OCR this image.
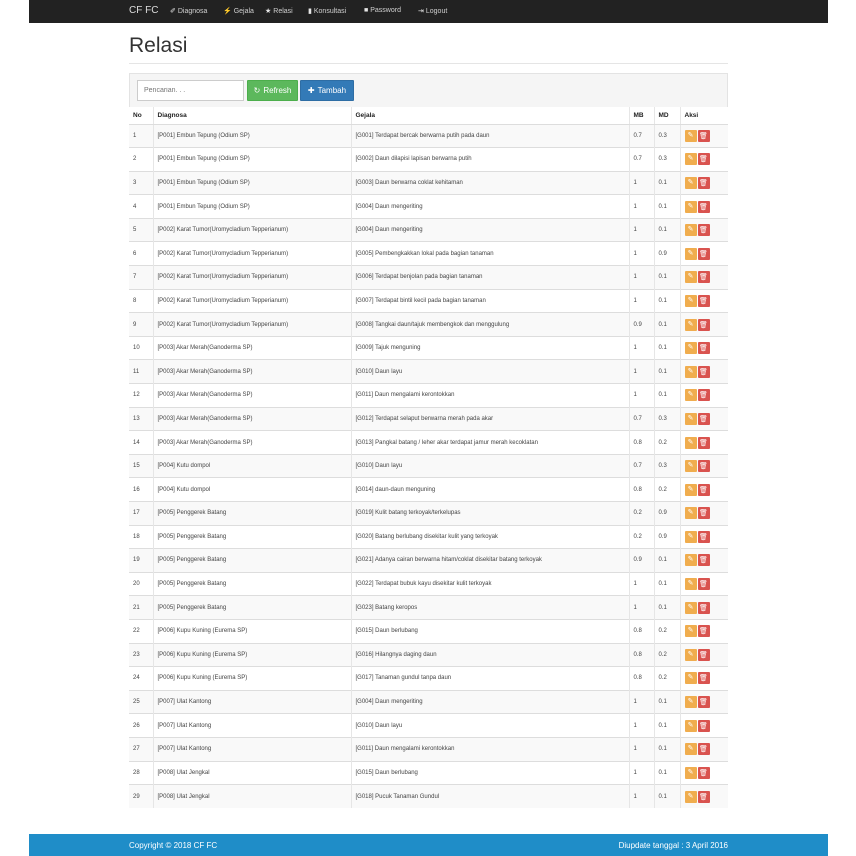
CF FC ✐ Diagnosa ⚡ Gejala ★ Relasi ▮ Konsultasi	■ Password ⇥ Logout
Relasi
Pencarian. . .
↻ Refresh ✚ Tambah
No	Diagnosa	Gejala	MB	MD	Aksi
1	[P001] Embun Tepung (Odium SP)	[G001] Terdapat bercak berwarna putih pada daun	0.7	0.3	✎ 🗑
2	[P001] Embun Tepung (Odium SP)	[G002] Daun dilapisi lapisan berwarna putih	0.7	0.3	✎ 🗑
3	[P001] Embun Tepung (Odium SP)	[G003] Daun berwarna coklat kehitaman	1	0.1	✎ 🗑
4	[P001] Embun Tepung (Odium SP)	[G004] Daun mengeriting	1	0.1	✎ 🗑
5	[P002] Karat Tumor(Uromycladium Tepperianum)	[G004] Daun mengeriting	1	0.1	✎ 🗑
6	[P002] Karat Tumor(Uromycladium Tepperianum)	[G005] Pembengkakkan lokal pada bagian tanaman	1	0.9	✎ 🗑
7	[P002] Karat Tumor(Uromycladium Tepperianum)	[G006] Terdapat benjolan pada bagian tanaman	1	0.1	✎ 🗑
8	[P002] Karat Tumor(Uromycladium Tepperianum)	[G007] Terdapat bintil kecil pada bagian tanaman	1	0.1	✎ 🗑
9	[P002] Karat Tumor(Uromycladium Tepperianum)	[G008] Tangkai daun/tajuk membengkok dan menggulung	0.9	0.1	✎ 🗑
10	[P003] Akar Merah(Ganoderma SP)	[G009] Tajuk menguning	1	0.1	✎ 🗑
11	[P003] Akar Merah(Ganoderma SP)	[G010] Daun layu	1	0.1	✎ 🗑
12	[P003] Akar Merah(Ganoderma SP)	[G011] Daun mengalami kerontokkan	1	0.1	✎ 🗑
13	[P003] Akar Merah(Ganoderma SP)	[G012] Terdapat selaput berwarna merah pada akar	0.7	0.3	✎ 🗑
14	[P003] Akar Merah(Ganoderma SP)	[G013] Pangkal batang / leher akar terdapat jamur merah kecoklatan	0.8	0.2	✎ 🗑
15	[P004] Kutu dompol	[G010] Daun layu	0.7	0.3	✎ 🗑
16	[P004] Kutu dompol	[G014] daun-daun menguning	0.8	0.2	✎ 🗑
17	[P005] Penggerek Batang	[G019] Kulit batang terkoyak/terkelupas	0.2	0.9	✎ 🗑
18	[P005] Penggerek Batang	[G020] Batang berlubang disekitar kulit yang terkoyak	0.2	0.9	✎ 🗑
19	[P005] Penggerek Batang	[G021] Adanya cairan berwarna hitam/coklat disekitar batang terkoyak	0.9	0.1	✎ 🗑
20	[P005] Penggerek Batang	[G022] Terdapat bubuk kayu disekitar kulit terkoyak	1	0.1	✎ 🗑
21	[P005] Penggerek Batang	[G023] Batang keropos	1	0.1	✎ 🗑
22	[P006] Kupu Kuning (Eurema SP)	[G015] Daun berlubang	0.8	0.2	✎ 🗑
23	[P006] Kupu Kuning (Eurema SP)	[G016] Hilangnya daging daun	0.8	0.2	✎ 🗑
24	[P006] Kupu Kuning (Eurema SP)	[G017] Tanaman gundul tanpa daun	0.8	0.2	✎ 🗑
25	[P007] Ulat Kantong	[G004] Daun mengeriting	1	0.1	✎ 🗑
26	[P007] Ulat Kantong	[G010] Daun layu	1	0.1	✎ 🗑
27	[P007] Ulat Kantong	[G011] Daun mengalami kerontokkan	1	0.1	✎ 🗑
28	[P008] Ulat Jengkal	[G015] Daun berlubang	1	0.1	✎ 🗑
29	[P008] Ulat Jengkal	[G018] Pucuk Tanaman Gundul	1	0.1	✎ 🗑
Copyright © 2018 CF FC	Diupdate tanggal : 3 April 2016
